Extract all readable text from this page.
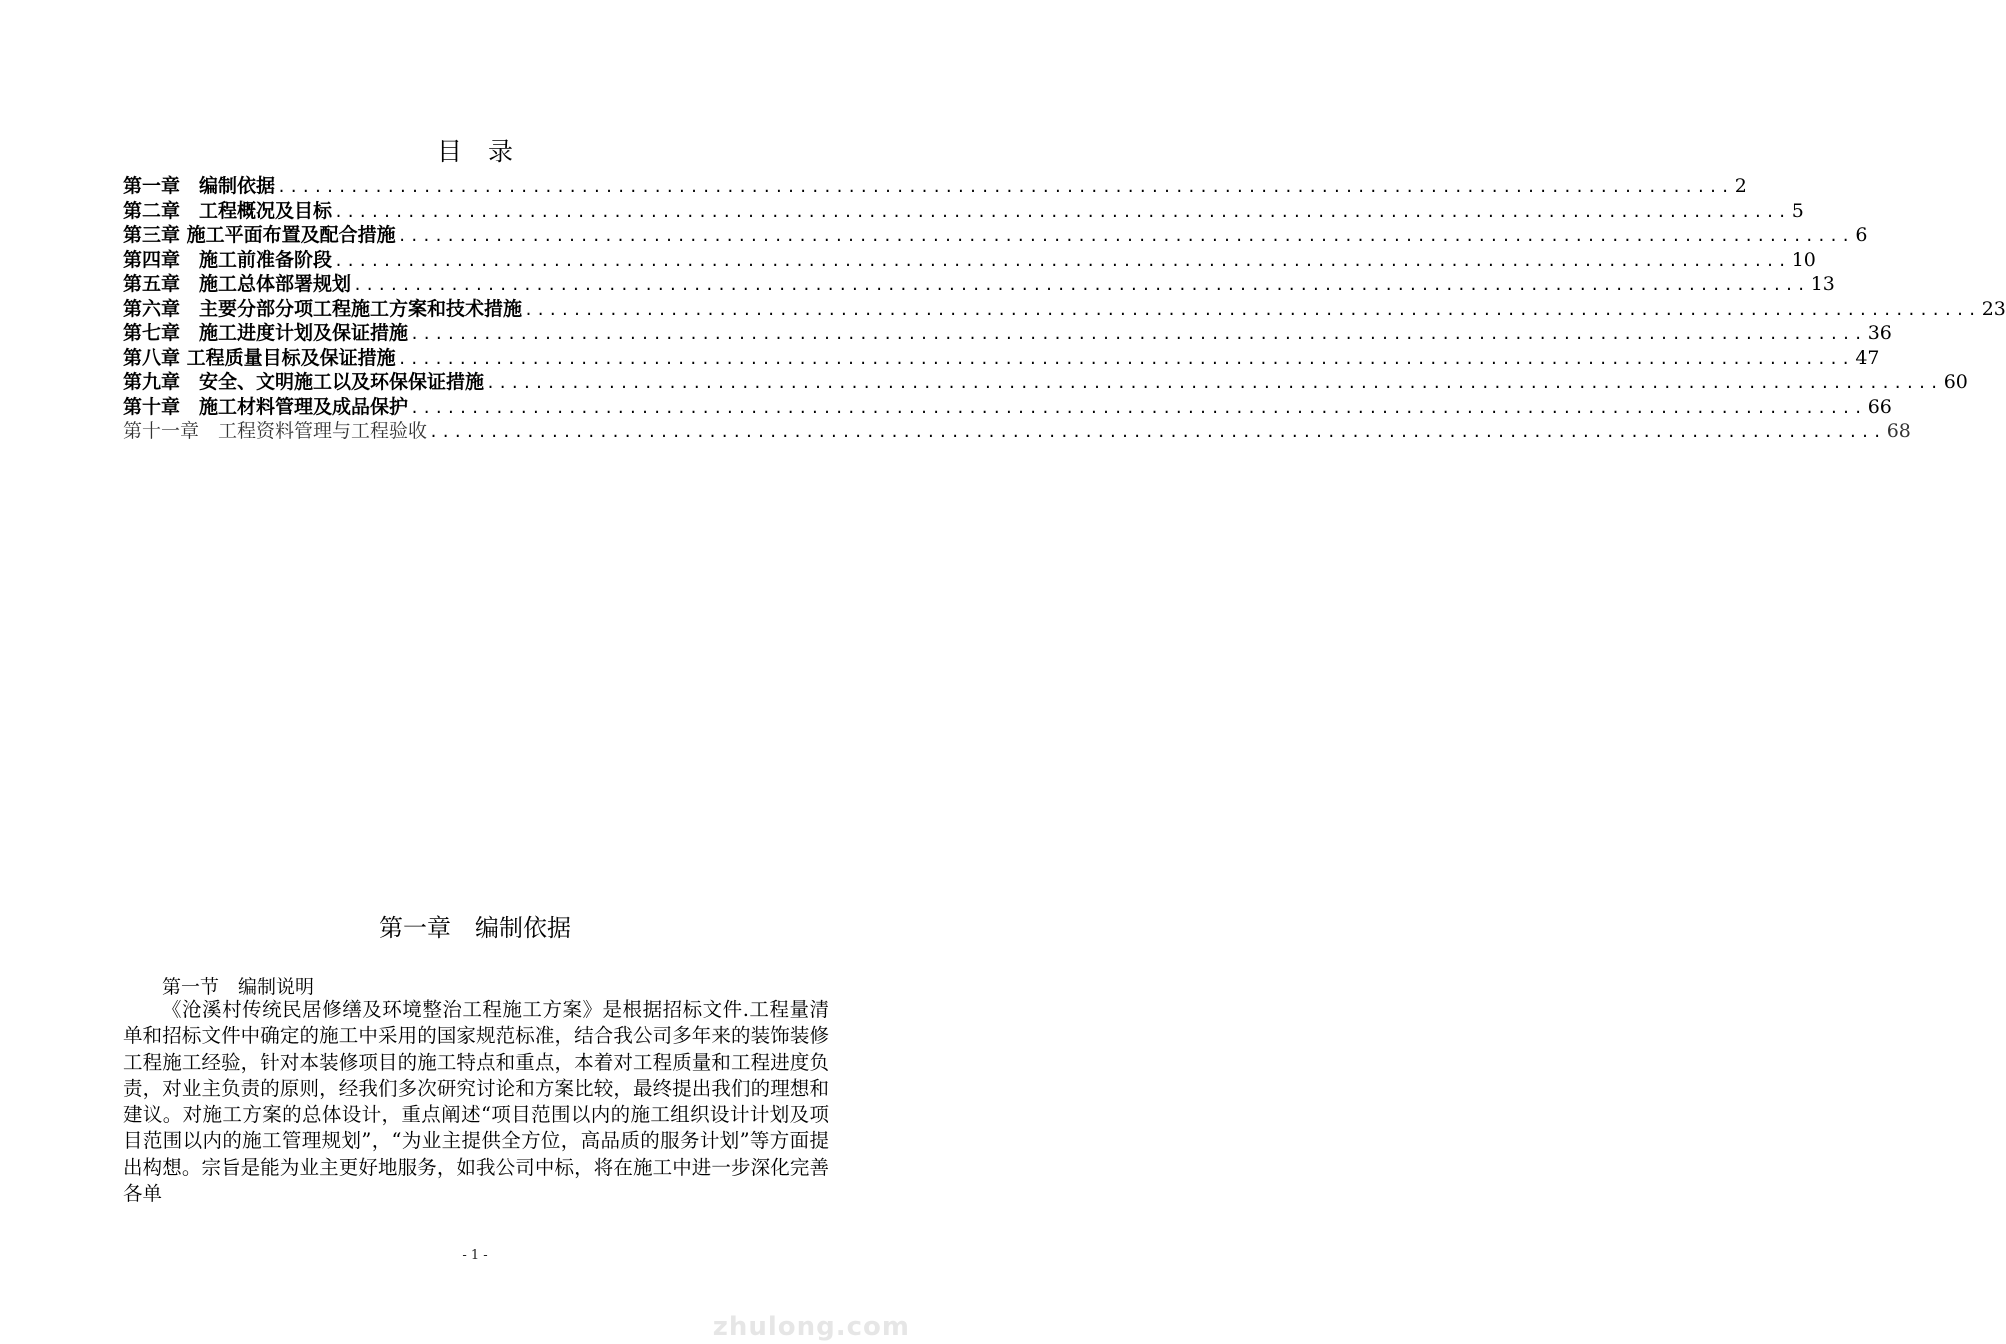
目录
第一章　编制依据 ........................................................................................................................ 2
第二章　工程概况及目标 ........................................................................................................................ 5
第三章 施工平面布置及配合措施 ........................................................................................................................ 6
第四章　施工前准备阶段 ........................................................................................................................ 10
第五章　施工总体部署规划 ........................................................................................................................ 13
第六章　主要分部分项工程施工方案和技术措施 ........................................................................................................................ 23
第七章　施工进度计划及保证措施 ........................................................................................................................ 36
第八章 工程质量目标及保证措施 ........................................................................................................................ 47
第九章　安全、文明施工以及环保保证措施 ........................................................................................................................ 60
第十章　施工材料管理及成品保护 ........................................................................................................................ 66
第十一章　工程资料管理与工程验收 ........................................................................................................................ 68
第一章　编制依据
第一节　编制说明
《沧溪村传统民居修缮及环境整治工程施工方案》是根据招标文件.工程量清单和招标文件中确定的施工中采用的国家规范标准，结合我公司多年来的装饰装修工程施工经验，针对本装修项目的施工特点和重点，本着对工程质量和工程进度负责，对业主负责的原则，经我们多次研究讨论和方案比较，最终提出我们的理想和建议。对施工方案的总体设计，重点阐述“项目范围以内的施工组织设计计划及项目范围以内的施工管理规划”，“为业主提供全方位，高品质的服务计划”等方面提出构想。宗旨是能为业主更好地服务，如我公司中标，将在施工中进一步深化完善各单
- 1 -
zhulong.com
